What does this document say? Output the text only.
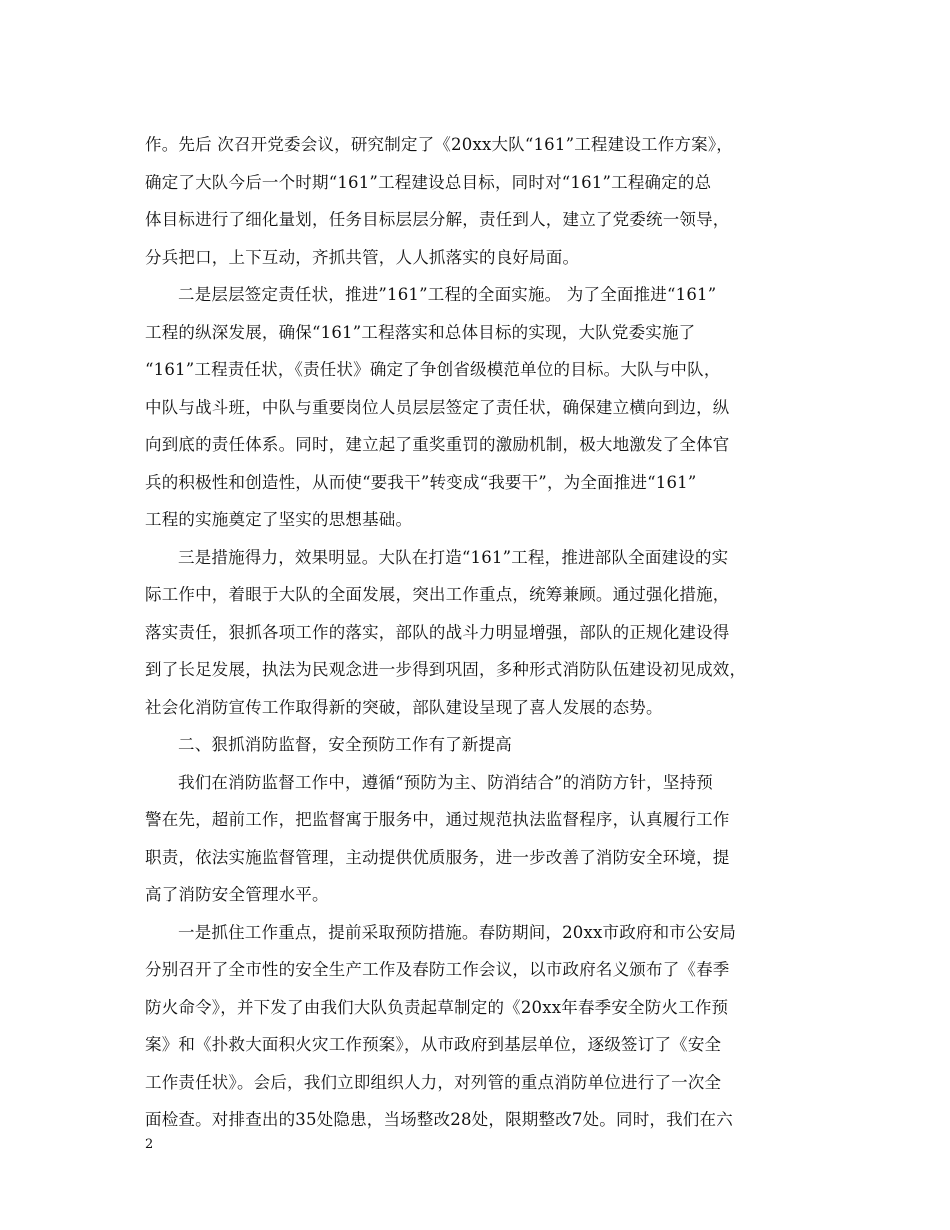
作。先后 次召开党委会议，研究制定了《20xx大队“161”工程建设工作方案》，
确定了大队今后一个时期“161”工程建设总目标，同时对“161”工程确定的总
体目标进行了细化量划，任务目标层层分解，责任到人，建立了党委统一领导，
分兵把口，上下互动，齐抓共管，人人抓落实的良好局面。
二是层层签定责任状，推进”161”工程的全面实施。 为了全面推进“161”
工程的纵深发展，确保“161”工程落实和总体目标的实现，大队党委实施了
“161”工程责任状，《责任状》确定了争创省级模范单位的目标。大队与中队，
中队与战斗班，中队与重要岗位人员层层签定了责任状，确保建立横向到边，纵
向到底的责任体系。同时，建立起了重奖重罚的激励机制，极大地激发了全体官
兵的积极性和创造性，从而使“要我干”转变成“我要干”，为全面推进“161”
工程的实施奠定了坚实的思想基础。
三是措施得力，效果明显。大队在打造“161”工程，推进部队全面建设的实
际工作中，着眼于大队的全面发展，突出工作重点，统筹兼顾。通过强化措施，
落实责任，狠抓各项工作的落实，部队的战斗力明显增强，部队的正规化建设得
到了长足发展，执法为民观念进一步得到巩固，多种形式消防队伍建设初见成效，
社会化消防宣传工作取得新的突破，部队建设呈现了喜人发展的态势。
二、狠抓消防监督，安全预防工作有了新提高
我们在消防监督工作中，遵循“预防为主、防消结合”的消防方针，坚持预
警在先，超前工作，把监督寓于服务中，通过规范执法监督程序，认真履行工作
职责，依法实施监督管理，主动提供优质服务，进一步改善了消防安全环境，提
高了消防安全管理水平。
一是抓住工作重点，提前采取预防措施。春防期间，20xx市政府和市公安局
分别召开了全市性的安全生产工作及春防工作会议，以市政府名义颁布了《春季
防火命令》，并下发了由我们大队负责起草制定的《20xx年春季安全防火工作预
案》和《扑救大面积火灾工作预案》，从市政府到基层单位，逐级签订了《安全
工作责任状》。会后，我们立即组织人力，对列管的重点消防单位进行了一次全
面检查。对排查出的35处隐患，当场整改28处，限期整改7处。同时，我们在六
2
